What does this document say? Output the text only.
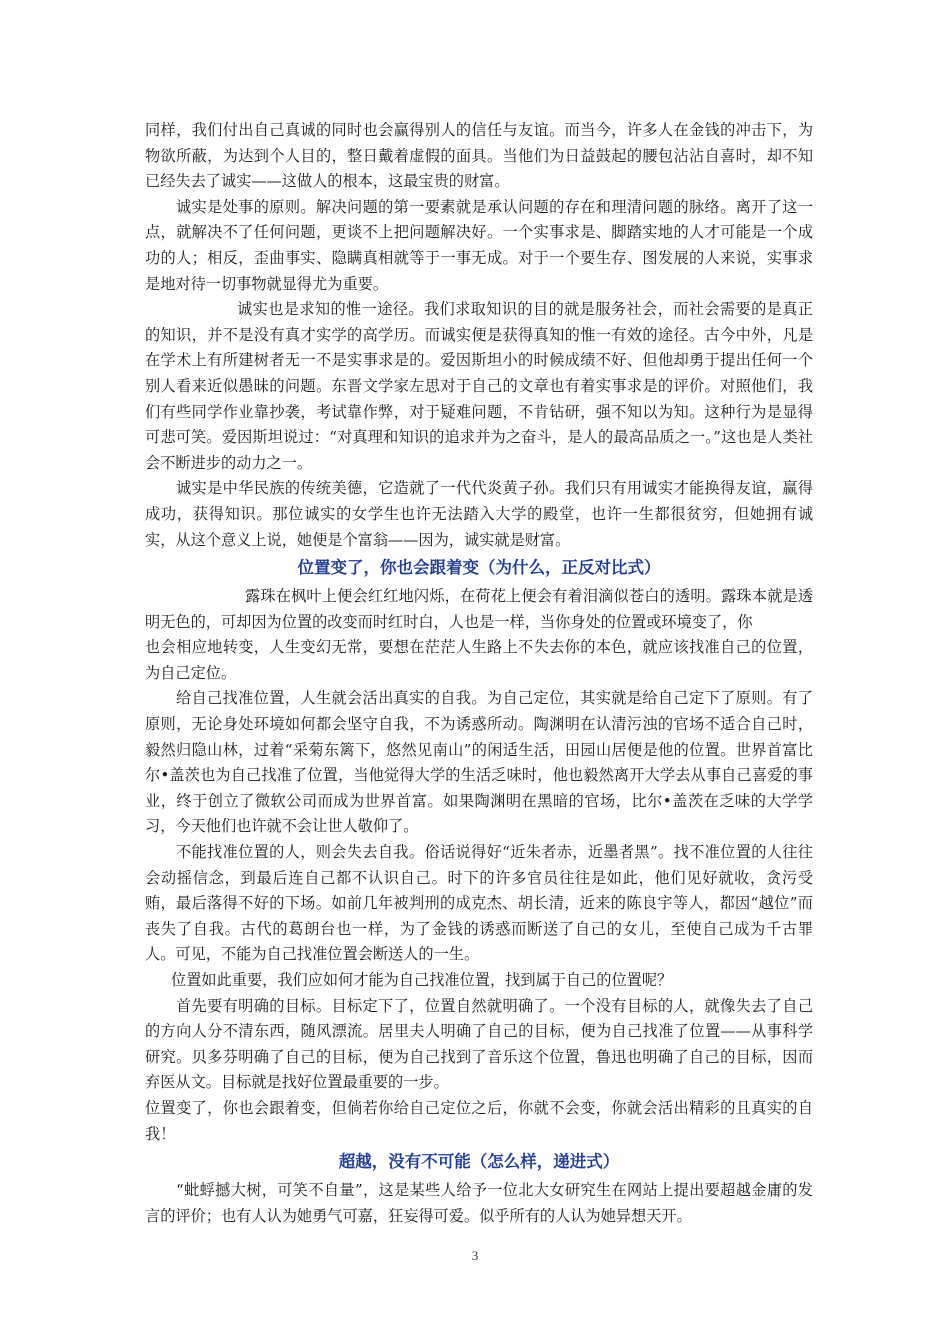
同样，我们付出自己真诚的同时也会赢得别人的信任与友谊。而当今，许多人在金钱的冲击下，为物欲所蔽，为达到个人目的，整日戴着虚假的面具。当他们为日益鼓起的腰包沾沾自喜时，却不知已经失去了诚实——这做人的根本，这最宝贵的财富。

诚实是处事的原则。解决问题的第一要素就是承认问题的存在和理清问题的脉络。离开了这一点，就解决不了任何问题，更谈不上把问题解决好。一个实事求是、脚踏实地的人才可能是一个成功的人；相反，歪曲事实、隐瞒真相就等于一事无成。对于一个要生存、图发展的人来说，实事求是地对待一切事物就显得尤为重要。

诚实也是求知的惟一途径。我们求取知识的目的就是服务社会，而社会需要的是真正的知识，并不是没有真才实学的高学历。而诚实便是获得真知的惟一有效的途径。古今中外，凡是在学术上有所建树者无一不是实事求是的。爱因斯坦小的时候成绩不好、但他却勇于提出任何一个别人看来近似愚昧的问题。东晋文学家左思对于自己的文章也有着实事求是的评价。对照他们，我们有些同学作业靠抄袭，考试靠作弊，对于疑难问题，不肯钻研，强不知以为知。这种行为是显得可悲可笑。爱因斯坦说过：“对真理和知识的追求并为之奋斗，是人的最高品质之一。”这也是人类社会不断进步的动力之一。

诚实是中华民族的传统美德，它造就了一代代炎黄子孙。我们只有用诚实才能换得友谊，赢得成功，获得知识。那位诚实的女学生也许无法踏入大学的殿堂，也许一生都很贫穷，但她拥有诚实，从这个意义上说，她便是个富翁——因为，诚实就是财富。

位置变了，你也会跟着变（为什么，正反对比式）

露珠在枫叶上便会红红地闪烁，在荷花上便会有着泪滴似苍白的透明。露珠本就是透明无色的，可却因为位置的改变而时红时白，人也是一样，当你身处的位置或环境变了，你

也会相应地转变，人生变幻无常，要想在茫茫人生路上不失去你的本色，就应该找准自己的位置，为自己定位。

给自己找准位置，人生就会活出真实的自我。为自己定位，其实就是给自己定下了原则。有了原则，无论身处环境如何都会坚守自我，不为诱惑所动。陶渊明在认清污浊的官场不适合自己时，毅然归隐山林，过着“采菊东篱下，悠然见南山”的闲适生活，田园山居便是他的位置。世界首富比尔•盖茨也为自己找准了位置，当他觉得大学的生活乏味时，他也毅然离开大学去从事自己喜爱的事业，终于创立了微软公司而成为世界首富。如果陶渊明在黑暗的官场，比尔•盖茨在乏味的大学学习，今天他们也许就不会让世人敬仰了。

不能找准位置的人，则会失去自我。俗话说得好“近朱者赤，近墨者黑”。找不准位置的人往往会动摇信念，到最后连自己都不认识自己。时下的许多官员往往是如此，他们见好就收，贪污受贿，最后落得不好的下场。如前几年被判刑的成克杰、胡长清，近来的陈良宇等人，都因“越位”而丧失了自我。古代的葛朗台也一样，为了金钱的诱惑而断送了自己的女儿，至使自己成为千古罪人。可见，不能为自己找准位置会断送人的一生。

位置如此重要，我们应如何才能为自己找准位置，找到属于自己的位置呢？

首先要有明确的目标。目标定下了，位置自然就明确了。一个没有目标的人，就像失去了自己的方向人分不清东西，随风漂流。居里夫人明确了自己的目标，便为自己找准了位置——从事科学研究。贝多芬明确了自己的目标，便为自己找到了音乐这个位置，鲁迅也明确了自己的目标，因而弃医从文。目标就是找好位置最重要的一步。

位置变了，你也会跟着变，但倘若你给自己定位之后，你就不会变，你就会活出精彩的且真实的自我！

超越，没有不可能（怎么样，递进式）

“蚍蜉撼大树，可笑不自量”，这是某些人给予一位北大女研究生在网站上提出要超越金庸的发言的评价；也有人认为她勇气可嘉，狂妄得可爱。似乎所有的人认为她异想天开。

3
